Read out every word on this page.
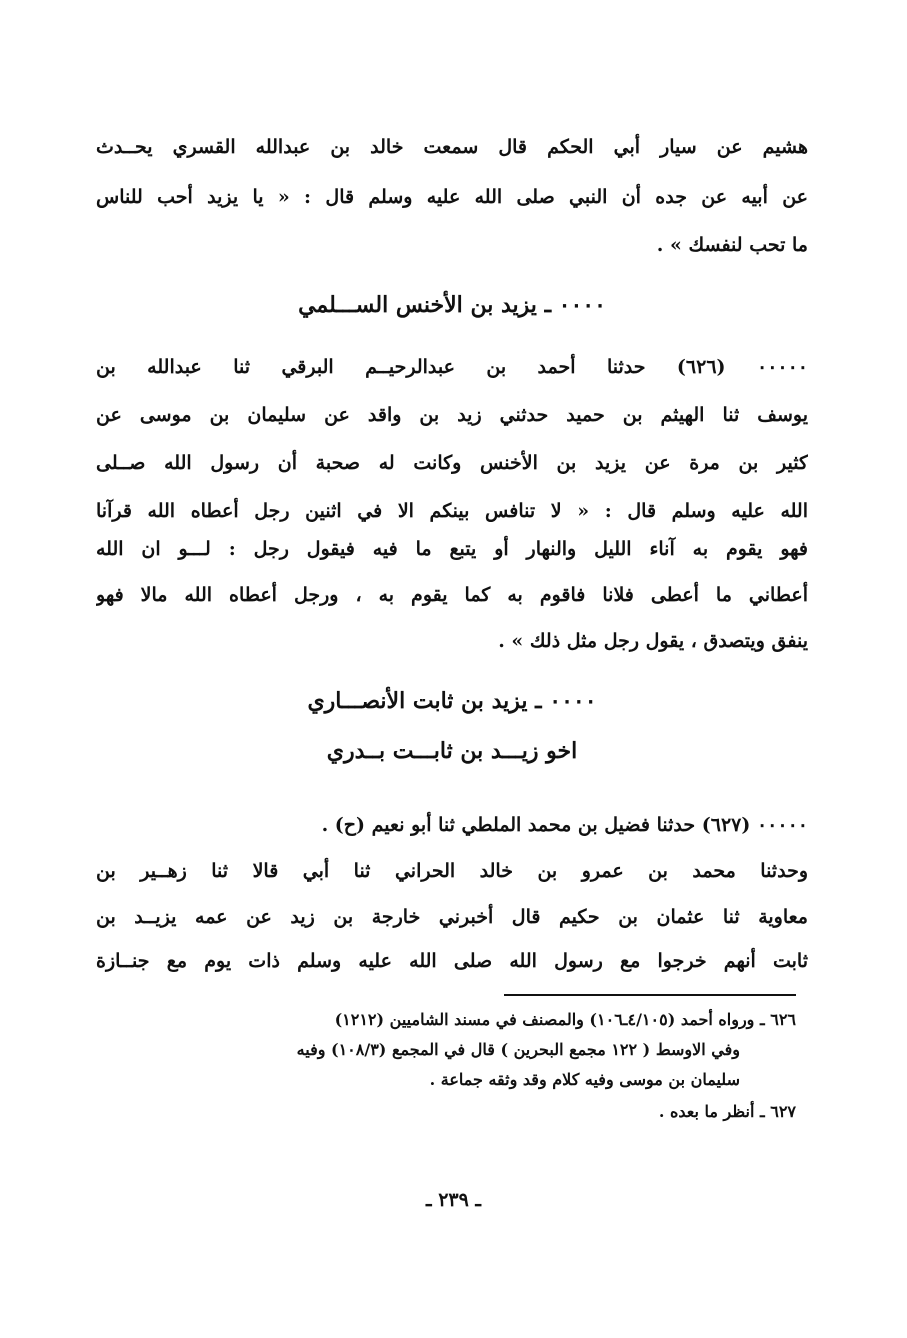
هشيم عن سيار أبي الحكم قال سمعت خالد بن عبدالله القسري يحــدث
عن أبيه عن جده أن النبي صلى الله عليه وسلم قال : « يا يزيد أحب للناس
ما تحب لنفسك » .
٠٠٠٠ ـ يزيد بن الأخنس الســـلمي
٠٠٠٠٠ (٦٢٦) حدثنا أحمد بن عبدالرحيــم البرقي ثنا عبدالله بن
يوسف ثنا الهيثم بن حميد حدثني زيد بن واقد عن سليمان بن موسى عن
كثير بن مرة عن يزيد بن الأخنس وكانت له صحبة أن رسول الله صــلى
الله عليه وسلم قال : « لا تنافس بينكم الا في اثنين رجل أعطاه الله قرآنا
فهو يقوم به آناء الليل والنهار أو يتبع ما فيه فيقول رجل : لـــو ان الله
أعطاني ما أعطى فلانا فاقوم به كما يقوم به ، ورجل أعطاه الله مالا فهو
ينفق ويتصدق ، يقول رجل مثل ذلك » .
٠٠٠٠ ـ يزيد بن ثابت الأنصـــاري
اخو زيـــد بن ثابـــت بــدري
٠٠٠٠٠ (٦٢٧) حدثنا فضيل بن محمد الملطي ثنا أبو نعيم (ح) .
وحدثنا محمد بن عمرو بن خالد الحراني ثنا أبي قالا ثنا زهــير بن
معاوية ثنا عثمان بن حكيم قال أخبرني خارجة بن زيد عن عمه يزيــد بن
ثابت أنهم خرجوا مع رسول الله صلى الله عليه وسلم ذات يوم مع جنــازة
٦٢٦ ـ ورواه أحمد (٤/١٠٥ـ١٠٦) والمصنف في مسند الشاميين (١٢١٢)
وفي الاوسط ( ١٢٢ مجمع البحرين ) قال في المجمع (١٠٨/٣) وفيه
سليمان بن موسى وفيه كلام وقد وثقه جماعة .
٦٢٧ ـ أنظر ما بعده .
ـ ٢٣٩ ـ
